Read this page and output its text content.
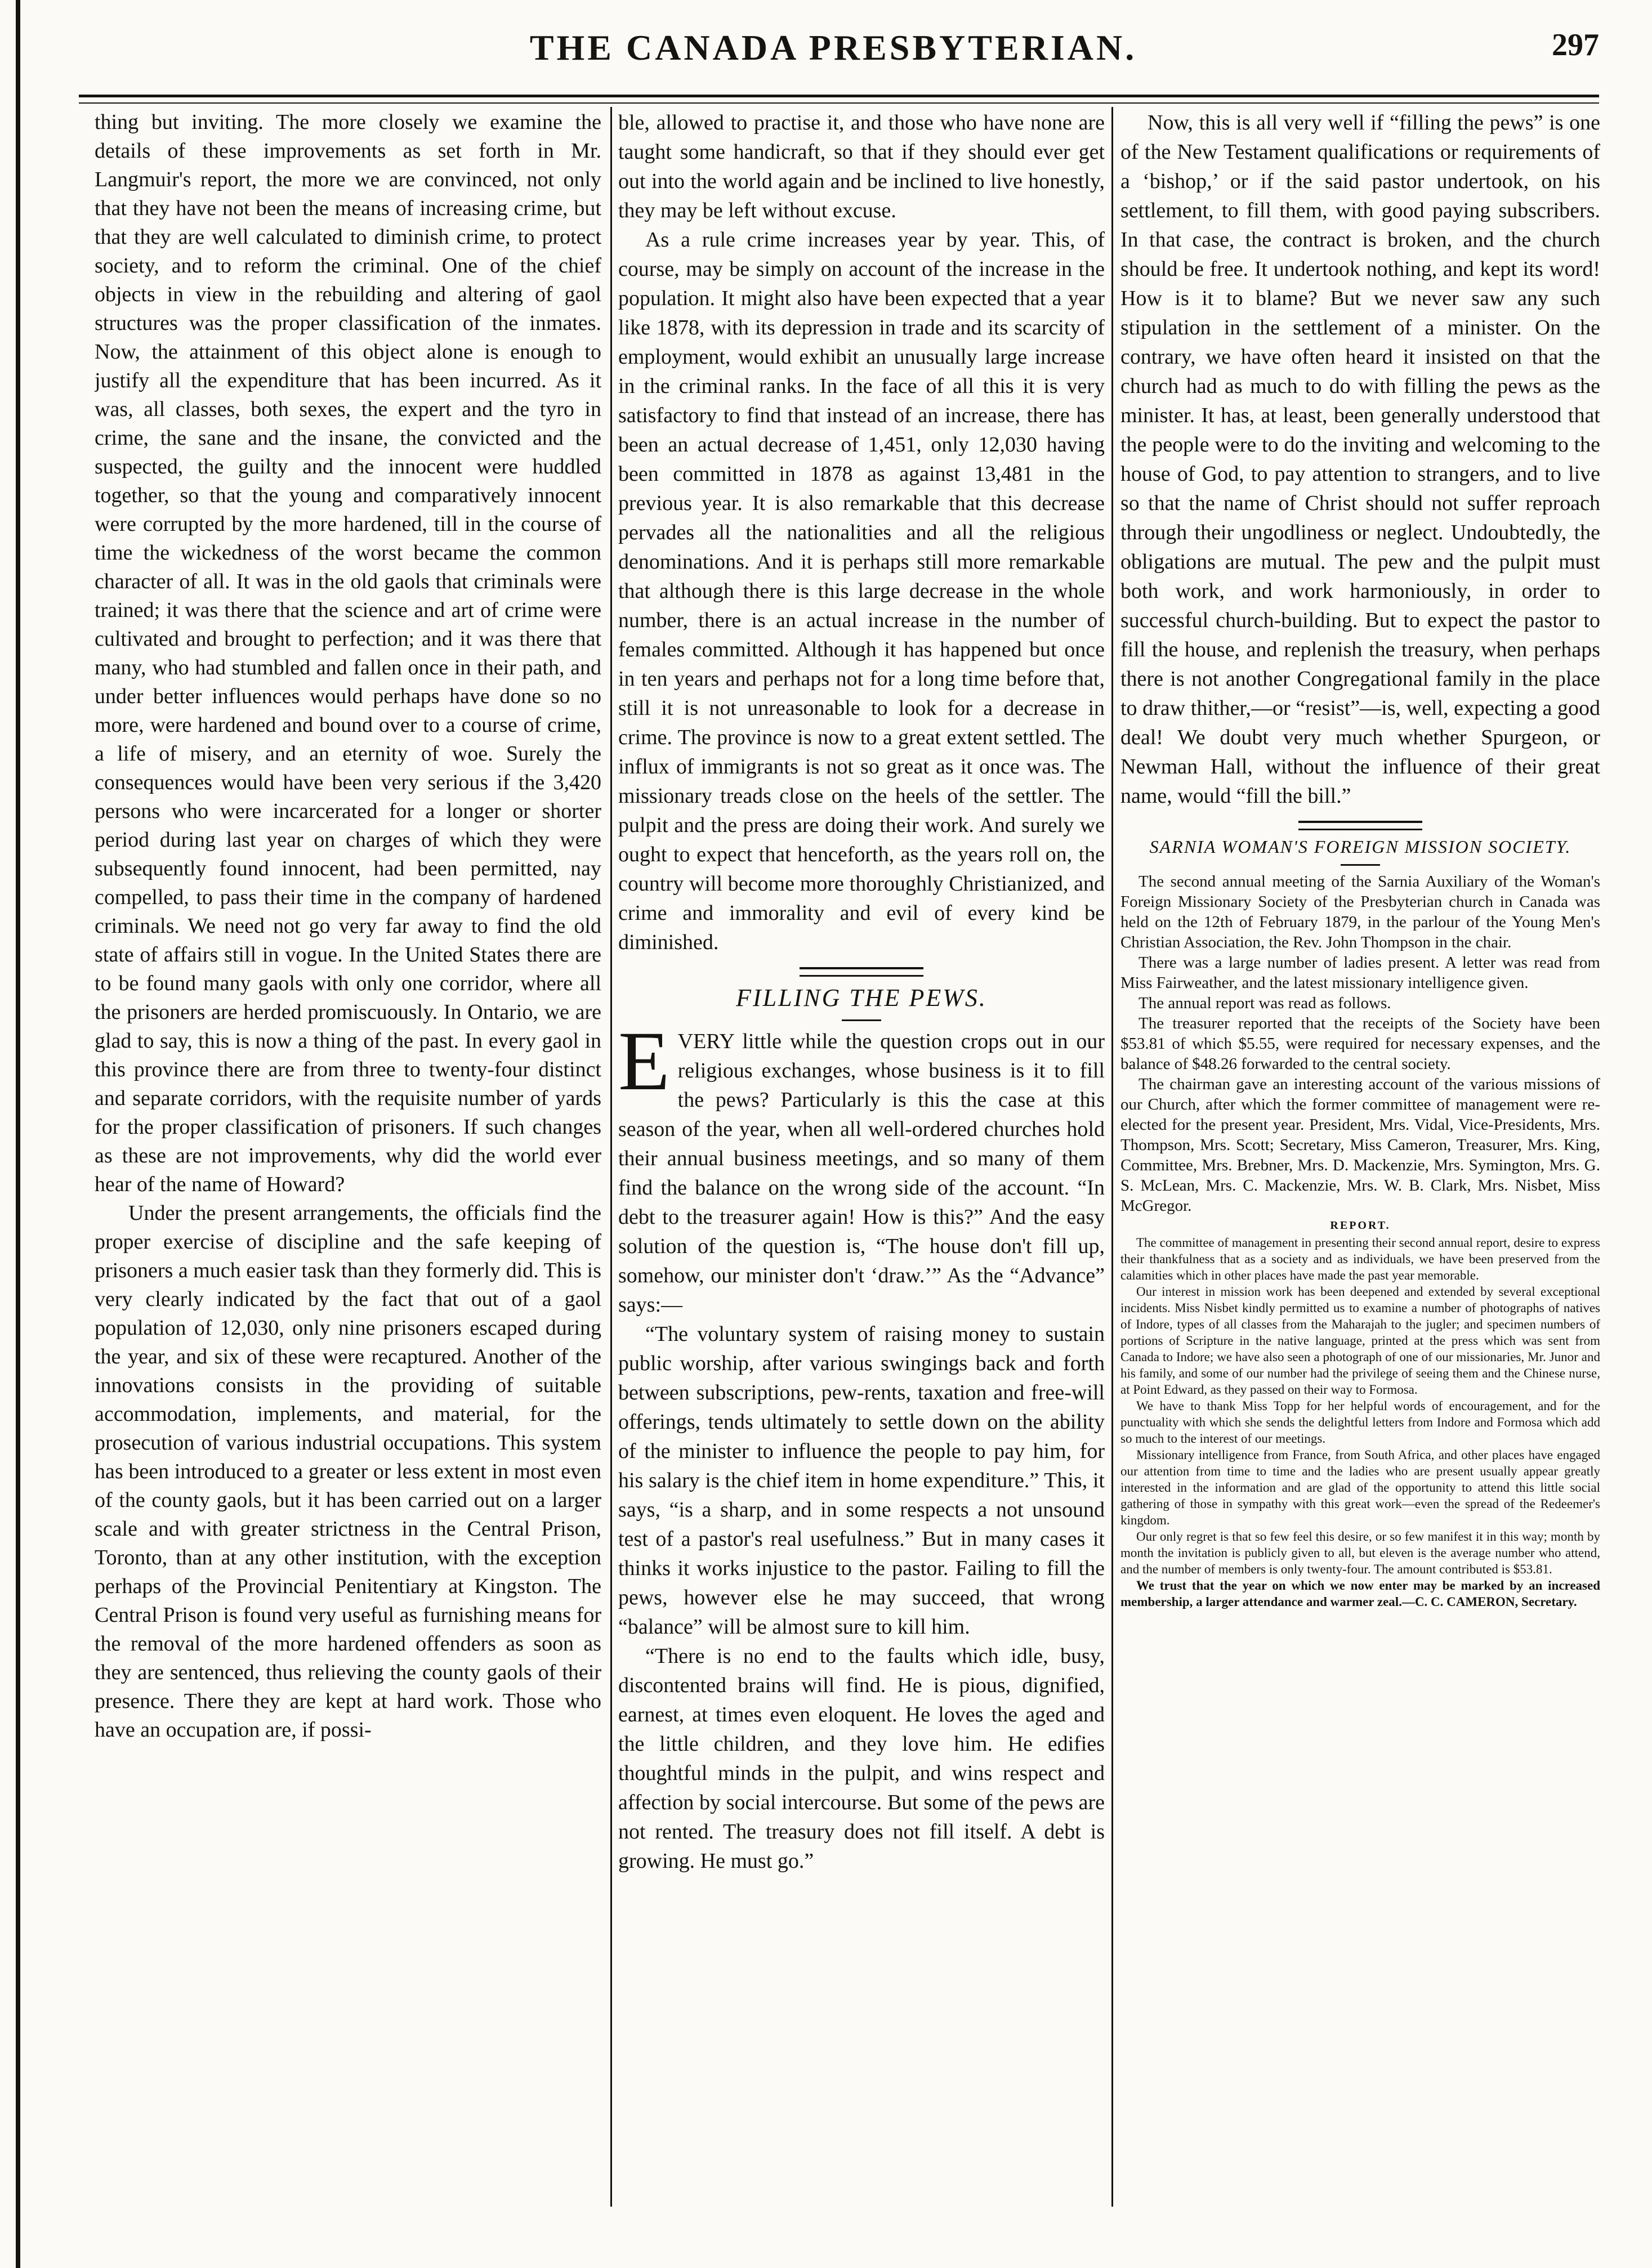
THE CANADA PRESBYTERIAN.	297

thing but inviting. The more closely we examine the details of these improvements as set forth in Mr. Langmuir's report, the more we are convinced, not only that they have not been the means of increasing crime, but that they are well calculated to diminish crime, to protect society, and to reform the criminal. One of the chief objects in view in the rebuilding and altering of gaol structures was the proper classification of the inmates. Now, the attainment of this object alone is enough to justify all the expenditure that has been incurred. As it was, all classes, both sexes, the expert and the tyro in crime, the sane and the insane, the convicted and the suspected, the guilty and the innocent were huddled together, so that the young and comparatively innocent were corrupted by the more hardened, till in the course of time the wickedness of the worst became the common character of all. It was in the old gaols that criminals were trained; it was there that the science and art of crime were cultivated and brought to perfection; and it was there that many, who had stumbled and fallen once in their path, and under better influences would perhaps have done so no more, were hardened and bound over to a course of crime, a life of misery, and an eternity of woe. Surely the consequences would have been very serious if the 3,420 persons who were incarcerated for a longer or shorter period during last year on charges of which they were subsequently found innocent, had been permitted, nay compelled, to pass their time in the company of hardened criminals. We need not go very far away to find the old state of affairs still in vogue. In the United States there are to be found many gaols with only one corridor, where all the prisoners are herded promiscuously. In Ontario, we are glad to say, this is now a thing of the past. In every gaol in this province there are from three to twenty-four distinct and separate corridors, with the requisite number of yards for the proper classification of prisoners. If such changes as these are not improvements, why did the world ever hear of the name of Howard?

Under the present arrangements, the officials find the proper exercise of discipline and the safe keeping of prisoners a much easier task than they formerly did. This is very clearly indicated by the fact that out of a gaol population of 12,030, only nine prisoners escaped during the year, and six of these were recaptured. Another of the innovations consists in the providing of suitable accommodation, implements, and material, for the prosecution of various industrial occupations. This system has been introduced to a greater or less extent in most even of the county gaols, but it has been carried out on a larger scale and with greater strictness in the Central Prison, Toronto, than at any other institution, with the exception perhaps of the Provincial Penitentiary at Kingston. The Central Prison is found very useful as furnishing means for the removal of the more hardened offenders as soon as they are sentenced, thus relieving the county gaols of their presence. There they are kept at hard work. Those who have an occupation are, if possi-

ble, allowed to practise it, and those who have none are taught some handicraft, so that if they should ever get out into the world again and be inclined to live honestly, they may be left without excuse.

As a rule crime increases year by year. This, of course, may be simply on account of the increase in the population. It might also have been expected that a year like 1878, with its depression in trade and its scarcity of employment, would exhibit an unusually large increase in the criminal ranks. In the face of all this it is very satisfactory to find that instead of an increase, there has been an actual decrease of 1,451, only 12,030 having been committed in 1878 as against 13,481 in the previous year. It is also remarkable that this decrease pervades all the nationalities and all the religious denominations. And it is perhaps still more remarkable that although there is this large decrease in the whole number, there is an actual increase in the number of females committed. Although it has happened but once in ten years and perhaps not for a long time before that, still it is not unreasonable to look for a decrease in crime. The province is now to a great extent settled. The influx of immigrants is not so great as it once was. The missionary treads close on the heels of the settler. The pulpit and the press are doing their work. And surely we ought to expect that henceforth, as the years roll on, the country will become more thoroughly Christianized, and crime and immorality and evil of every kind be diminished.

FILLING THE PEWS.

EVERY little while the question crops out in our religious exchanges, whose business is it to fill the pews? Particularly is this the case at this season of the year, when all well-ordered churches hold their annual business meetings, and so many of them find the balance on the wrong side of the account. “In debt to the treasurer again! How is this?” And the easy solution of the question is, “The house don't fill up, somehow, our minister don't ‘draw.’” As the “Advance” says:—

“The voluntary system of raising money to sustain public worship, after various swingings back and forth between subscriptions, pew-rents, taxation and free-will offerings, tends ultimately to settle down on the ability of the minister to influence the people to pay him, for his salary is the chief item in home expenditure.” This, it says, “is a sharp, and in some respects a not unsound test of a pastor's real usefulness.” But in many cases it thinks it works injustice to the pastor. Failing to fill the pews, however else he may succeed, that wrong “balance” will be almost sure to kill him.

“There is no end to the faults which idle, busy, discontented brains will find. He is pious, dignified, earnest, at times even eloquent. He loves the aged and the little children, and they love him. He edifies thoughtful minds in the pulpit, and wins respect and affection by social intercourse. But some of the pews are not rented. The treasury does not fill itself. A debt is growing. He must go.”

Now, this is all very well if “filling the pews” is one of the New Testament qualifications or requirements of a ‘bishop,’ or if the said pastor undertook, on his settlement, to fill them, with good paying subscribers. In that case, the contract is broken, and the church should be free. It undertook nothing, and kept its word! How is it to blame? But we never saw any such stipulation in the settlement of a minister. On the contrary, we have often heard it insisted on that the church had as much to do with filling the pews as the minister. It has, at least, been generally understood that the people were to do the inviting and welcoming to the house of God, to pay attention to strangers, and to live so that the name of Christ should not suffer reproach through their ungodliness or neglect. Undoubtedly, the obligations are mutual. The pew and the pulpit must both work, and work harmoniously, in order to successful church-building. But to expect the pastor to fill the house, and replenish the treasury, when perhaps there is not another Congregational family in the place to draw thither,—or “resist”—is, well, expecting a good deal! We doubt very much whether Spurgeon, or Newman Hall, without the influence of their great name, would “fill the bill.”

SARNIA WOMAN'S FOREIGN MISSION SOCIETY.

The second annual meeting of the Sarnia Auxiliary of the Woman's Foreign Missionary Society of the Presbyterian church in Canada was held on the 12th of February 1879, in the parlour of the Young Men's Christian Association, the Rev. John Thompson in the chair.

There was a large number of ladies present. A letter was read from Miss Fairweather, and the latest missionary intelligence given.

The annual report was read as follows.

The treasurer reported that the receipts of the Society have been $53.81 of which $5.55, were required for necessary expenses, and the balance of $48.26 forwarded to the central society.

The chairman gave an interesting account of the various missions of our Church, after which the former committee of management were re-elected for the present year. President, Mrs. Vidal, Vice-Presidents, Mrs. Thompson, Mrs. Scott; Secretary, Miss Cameron, Treasurer, Mrs. King, Committee, Mrs. Brebner, Mrs. D. Mackenzie, Mrs. Symington, Mrs. G. S. McLean, Mrs. C. Mackenzie, Mrs. W. B. Clark, Mrs. Nisbet, Miss McGregor.

REPORT.

The committee of management in presenting their second annual report, desire to express their thankfulness that as a society and as individuals, we have been preserved from the calamities which in other places have made the past year memorable.

Our interest in mission work has been deepened and extended by several exceptional incidents. Miss Nisbet kindly permitted us to examine a number of photographs of natives of Indore, types of all classes from the Maharajah to the jugler; and specimen numbers of portions of Scripture in the native language, printed at the press which was sent from Canada to Indore; we have also seen a photograph of one of our missionaries, Mr. Junor and his family, and some of our number had the privilege of seeing them and the Chinese nurse, at Point Edward, as they passed on their way to Formosa.

We have to thank Miss Topp for her helpful words of encouragement, and for the punctuality with which she sends the delightful letters from Indore and Formosa which add so much to the interest of our meetings.

Missionary intelligence from France, from South Africa, and other places have engaged our attention from time to time and the ladies who are present usually appear greatly interested in the information and are glad of the opportunity to attend this little social gathering of those in sympathy with this great work—even the spread of the Redeemer's kingdom.

Our only regret is that so few feel this desire, or so few manifest it in this way; month by month the invitation is publicly given to all, but eleven is the average number who attend, and the number of members is only twenty-four. The amount contributed is $53.81.

We trust that the year on which we now enter may be marked by an increased membership, a larger attendance and warmer zeal.—C. C. CAMERON, Secretary.
